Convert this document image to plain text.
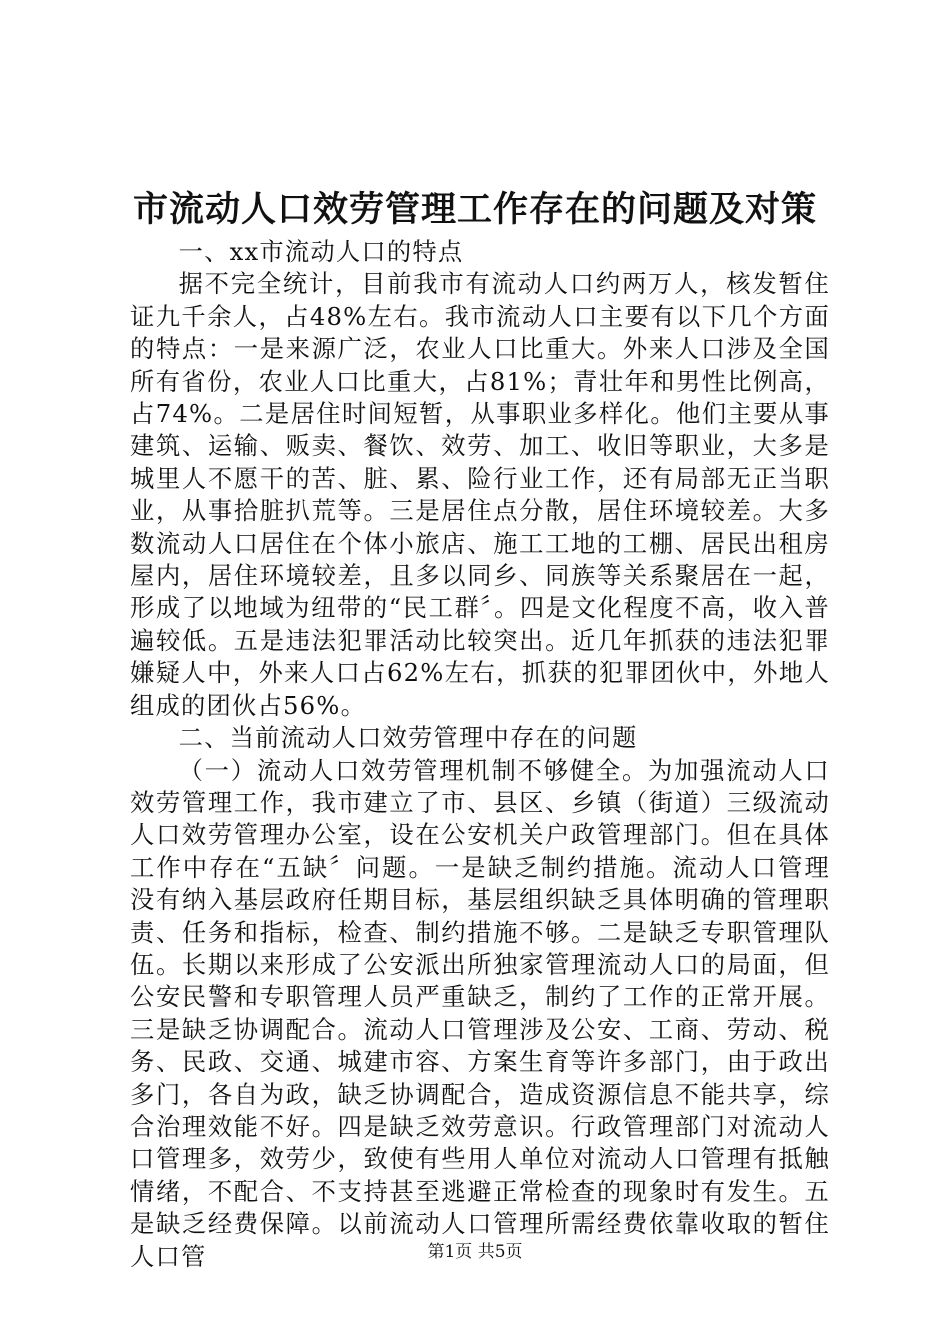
市流动人口效劳管理工作存在的问题及对策

一、xx市流动人口的特点

据不完全统计，目前我市有流动人口约两万人，核发暂住证九千余人，占48%左右。我市流动人口主要有以下几个方面的特点：一是来源广泛，农业人口比重大。外来人口涉及全国所有省份，农业人口比重大，占81%；青壮年和男性比例高，占74%。二是居住时间短暂，从事职业多样化。他们主要从事建筑、运输、贩卖、餐饮、效劳、加工、收旧等职业，大多是城里人不愿干的苦、脏、累、险行业工作，还有局部无正当职业，从事拾脏扒荒等。三是居住点分散，居住环境较差。大多数流动人口居住在个体小旅店、施工工地的工棚、居民出租房屋内，居住环境较差，且多以同乡、同族等关系聚居在一起，形成了以地域为纽带的“民工群〞。四是文化程度不高，收入普遍较低。五是违法犯罪活动比较突出。近几年抓获的违法犯罪嫌疑人中，外来人口占62%左右，抓获的犯罪团伙中，外地人组成的团伙占56%。

二、当前流动人口效劳管理中存在的问题

（一）流动人口效劳管理机制不够健全。为加强流动人口效劳管理工作，我市建立了市、县区、乡镇（街道）三级流动人口效劳管理办公室，设在公安机关户政管理部门。但在具体工作中存在“五缺〞问题。一是缺乏制约措施。流动人口管理没有纳入基层政府任期目标，基层组织缺乏具体明确的管理职责、任务和指标，检查、制约措施不够。二是缺乏专职管理队伍。长期以来形成了公安派出所独家管理流动人口的局面，但公安民警和专职管理人员严重缺乏，制约了工作的正常开展。三是缺乏协调配合。流动人口管理涉及公安、工商、劳动、税务、民政、交通、城建市容、方案生育等许多部门，由于政出多门，各自为政，缺乏协调配合，造成资源信息不能共享，综合治理效能不好。四是缺乏效劳意识。行政管理部门对流动人口管理多，效劳少，致使有些用人单位对流动人口管理有抵触情绪，不配合、不支持甚至逃避正常检查的现象时有发生。五是缺乏经费保障。以前流动人口管理所需经费依靠收取的暂住人口管	第1页 共5页
